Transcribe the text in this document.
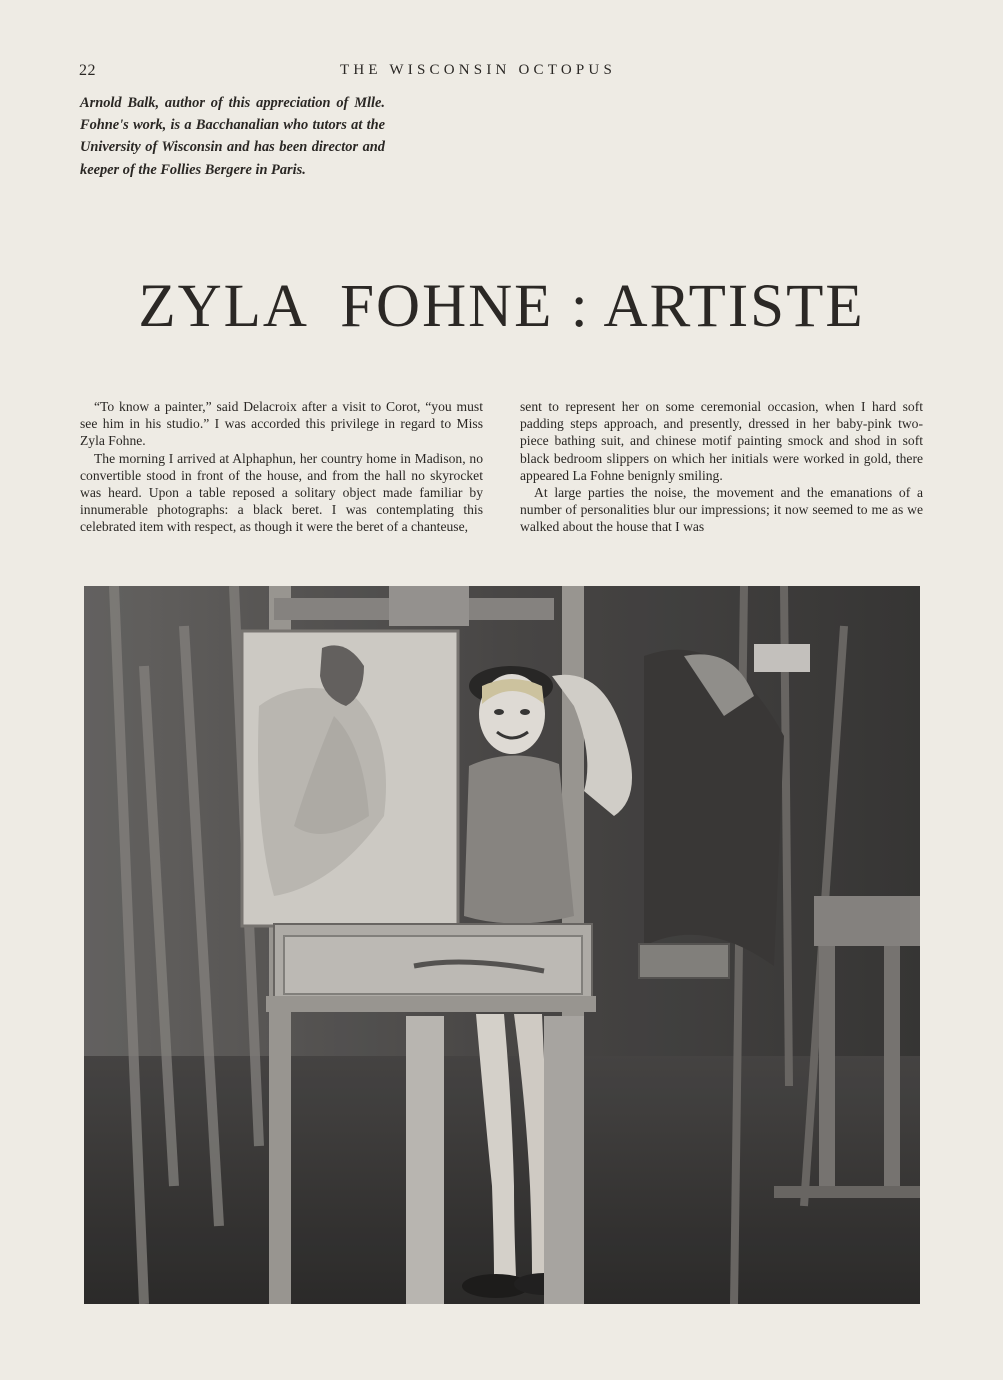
22	THE WISCONSIN OCTOPUS

Arnold Balk, author of this appreciation of Mlle. Fohne's work, is a Bacchanalian who tutors at the University of Wisconsin and has been director and keeper of the Follies Bergere in Paris.

ZYLA  FOHNE : ARTISTE

“To know a painter,” said Delacroix after a visit to Corot, “you must see him in his studio.” I was accorded this privilege in regard to Miss Zyla Fohne.

The morning I arrived at Alphaphun, her country home in Madison, no convertible stood in front of the house, and from the hall no skyrocket was heard. Upon a table reposed a solitary object made familiar by innumerable photographs: a black beret. I was contemplating this celebrated item with respect, as though it were the beret of a chanteuse,

sent to represent her on some ceremonial occasion, when I hard soft padding steps approach, and presently, dressed in her baby-pink two-piece bathing suit, and chinese motif painting smock and shod in soft black bedroom slippers on which her initials were worked in gold, there appeared La Fohne benignly smiling.

At large parties the noise, the movement and the emanations of a number of personalities blur our impressions; it now seemed to me as we walked about the house that I was
